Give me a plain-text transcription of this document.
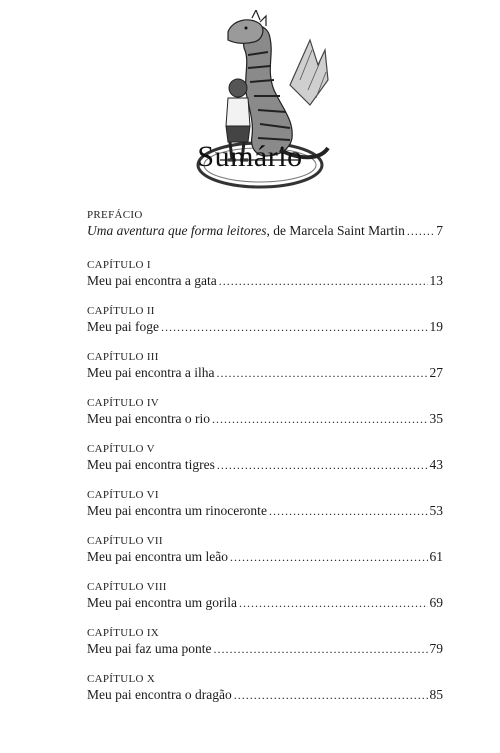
Sumário
PREFÁCIO
Uma aventura que forma leitores, de Marcela Saint Martin ..... 7
CAPÍTULO I
Meu pai encontra a gata .....	13
CAPÍTULO II
Meu pai foge .....	19
CAPÍTULO III
Meu pai encontra a ilha .....	27
CAPÍTULO IV
Meu pai encontra o rio .....	35
CAPÍTULO V
Meu pai encontra tigres .....	43
CAPÍTULO VI
Meu pai encontra um rinoceronte .....	53
CAPÍTULO VII
Meu pai encontra um leão .....	61
CAPÍTULO VIII
Meu pai encontra um gorila .....	69
CAPÍTULO IX
Meu pai faz uma ponte .....	79
CAPÍTULO X
Meu pai encontra o dragão .....	85
